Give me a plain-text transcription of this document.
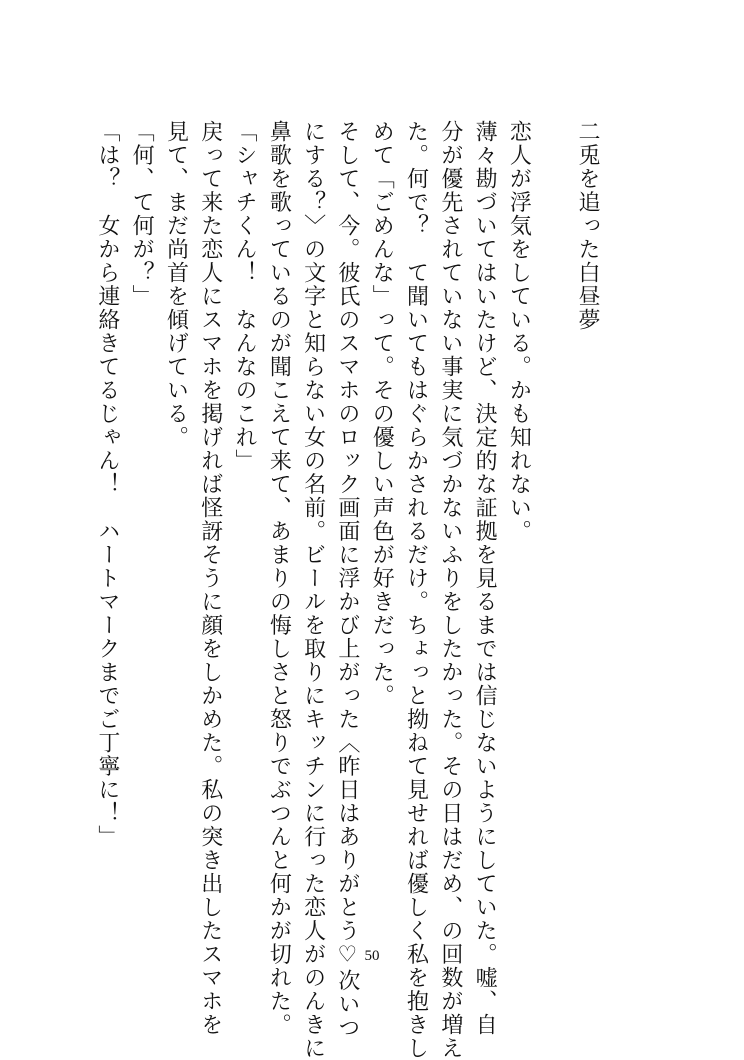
二兎を追った白昼夢
恋人が浮気をしている。かも知れない。
薄々勘づいてはいたけど、決定的な証拠を見るまでは信じないようにしていた。嘘、自
分が優先されていない事実に気づかないふりをしたかった。その日はだめ、の回数が増え
た。何で？　て聞いてもはぐらかされるだけ。ちょっと拗ねて見せれば優しく私を抱きし
めて「ごめんな」って。その優しい声色が好きだった。
そして、今。彼氏のスマホのロック画面に浮かび上がった〈昨日はありがとう♡次いつ
にする？〉の文字と知らない女の名前。ビールを取りにキッチンに行った恋人がのんきに
鼻歌を歌っているのが聞こえて来て、あまりの悔しさと怒りでぶつんと何かが切れた。
「シャチくん！　なんなのこれ」
戻って来た恋人にスマホを掲げれば怪訝そうに顔をしかめた。私の突き出したスマホを
見て、まだ尚首を傾げている。
「何、て何が？」
「は？　女から連絡きてるじゃん！　ハートマークまでご丁寧に！」
50
